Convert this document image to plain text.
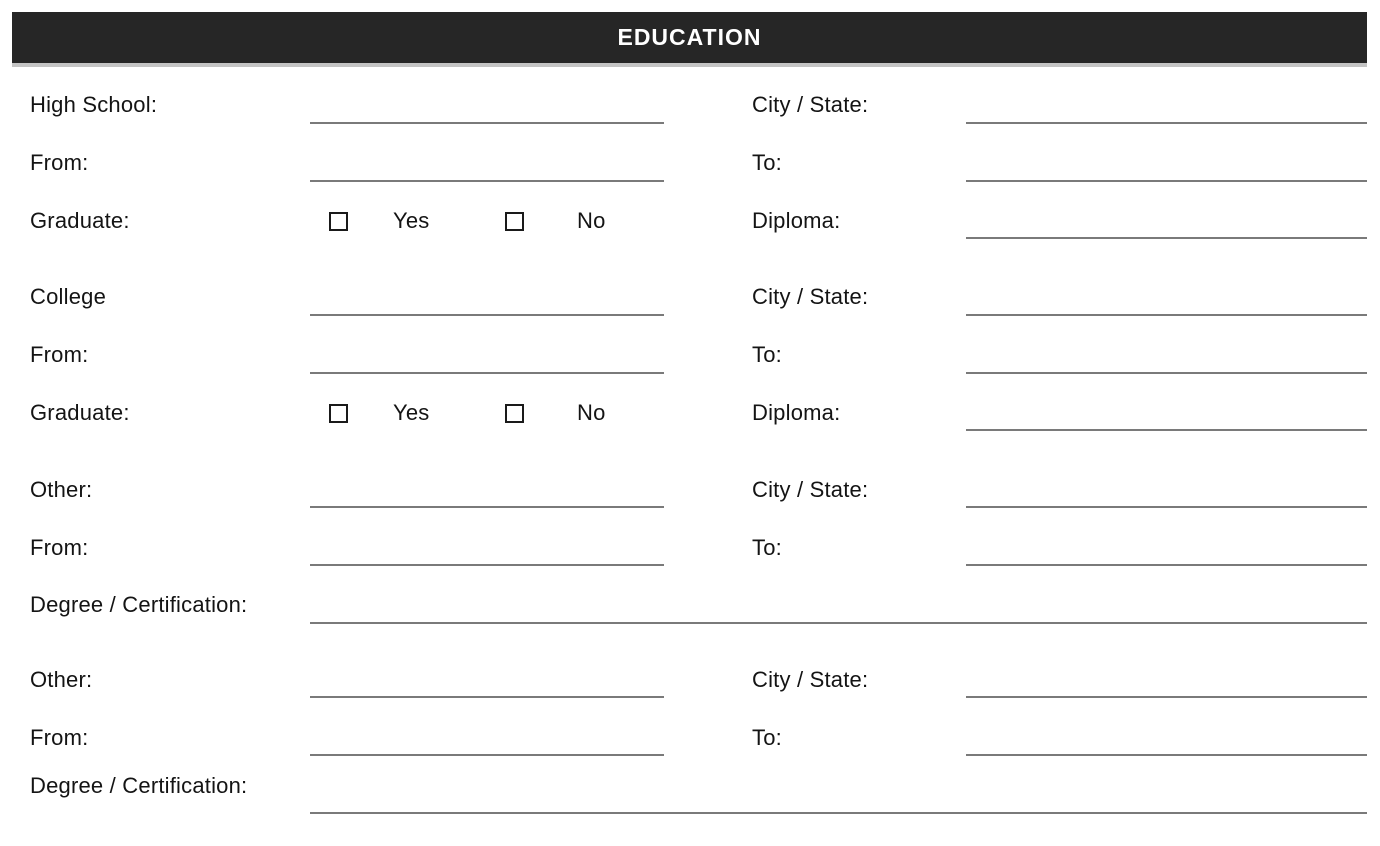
EDUCATION
High School:	City / State:
From:	To:
Graduate:	Yes	No	Diploma:
College	City / State:
From:	To:
Graduate:	Yes	No	Diploma:
Other:	City / State:
From:	To:
Degree / Certification:
Other:	City / State:
From:	To:
Degree / Certification:
